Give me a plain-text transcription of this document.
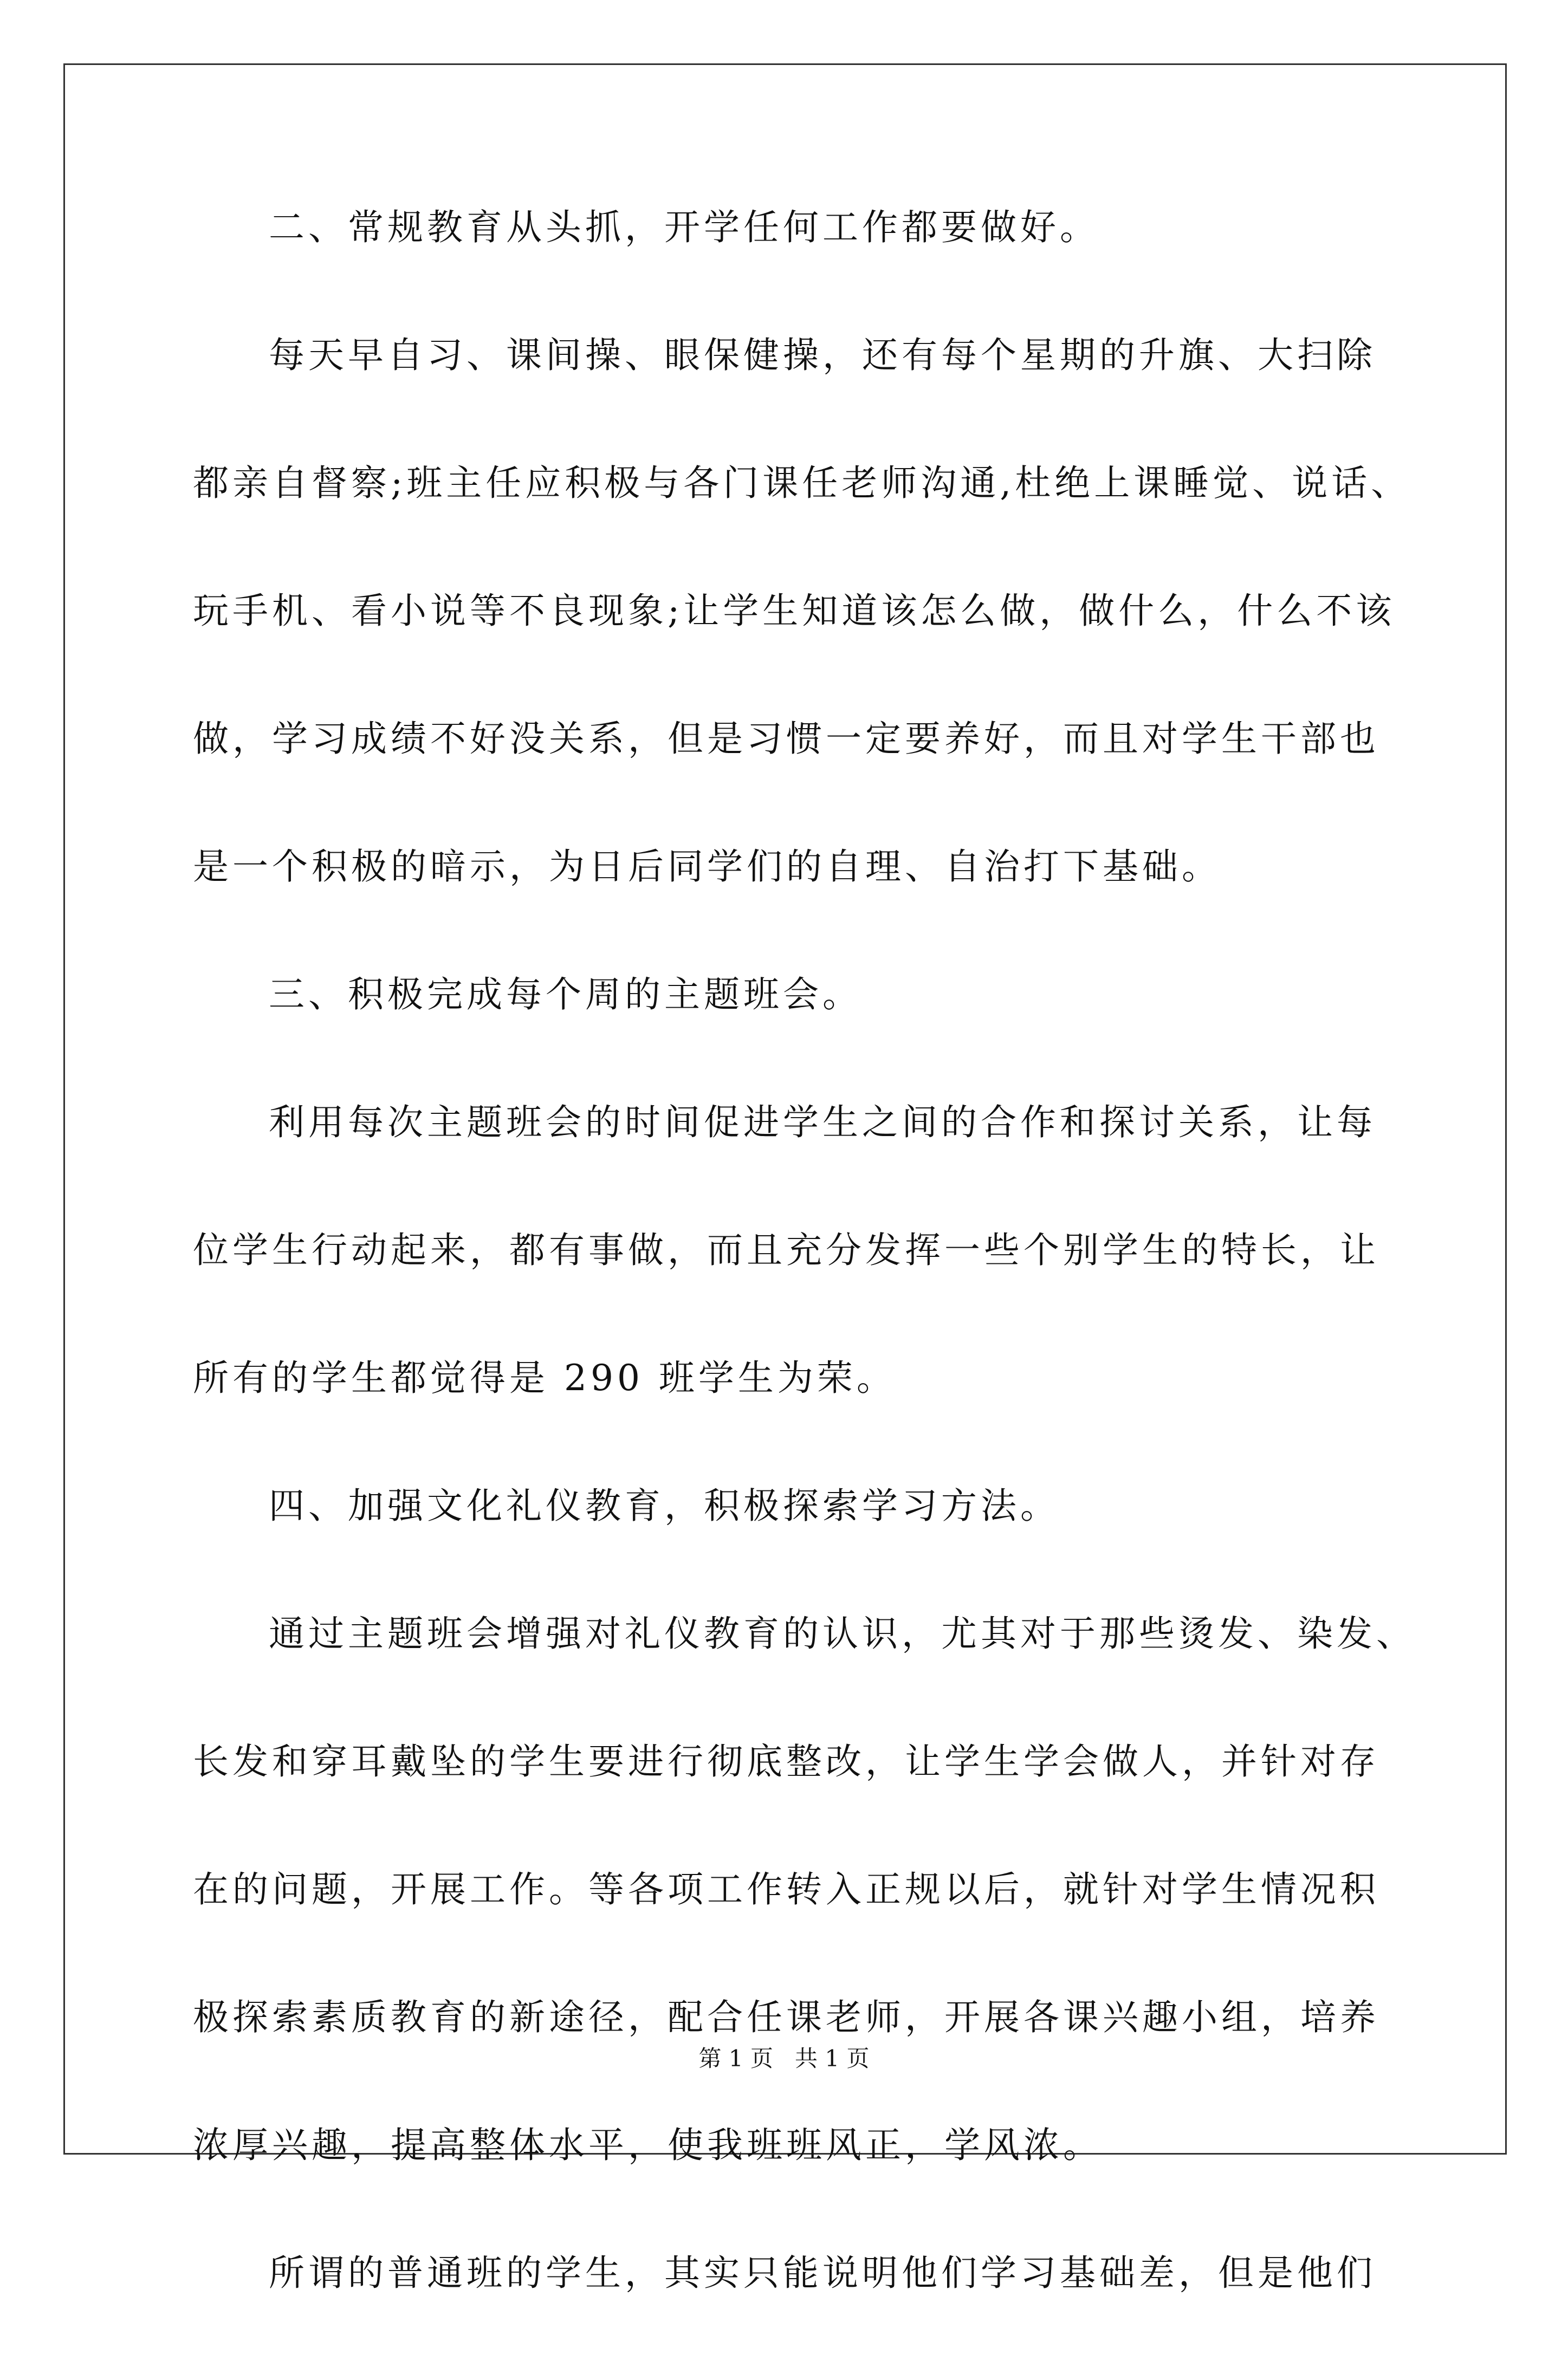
二、常规教育从头抓，开学任何工作都要做好。
每天早自习、课间操、眼保健操，还有每个星期的升旗、大扫除
都亲自督察;班主任应积极与各门课任老师沟通,杜绝上课睡觉、说话、
玩手机、看小说等不良现象;让学生知道该怎么做，做什么，什么不该
做，学习成绩不好没关系，但是习惯一定要养好，而且对学生干部也
是一个积极的暗示，为日后同学们的自理、自治打下基础。
三、积极完成每个周的主题班会。
利用每次主题班会的时间促进学生之间的合作和探讨关系，让每
位学生行动起来，都有事做，而且充分发挥一些个别学生的特长，让
所有的学生都觉得是 290 班学生为荣。
四、加强文化礼仪教育，积极探索学习方法。
通过主题班会增强对礼仪教育的认识，尤其对于那些烫发、染发、
长发和穿耳戴坠的学生要进行彻底整改，让学生学会做人，并针对存
在的问题，开展工作。等各项工作转入正规以后，就针对学生情况积
极探索素质教育的新途径，配合任课老师，开展各课兴趣小组，培养
浓厚兴趣，提高整体水平，使我班班风正，学风浓。
所谓的普通班的学生，其实只能说明他们学习基础差，但是他们
第 1 页   共 1 页
